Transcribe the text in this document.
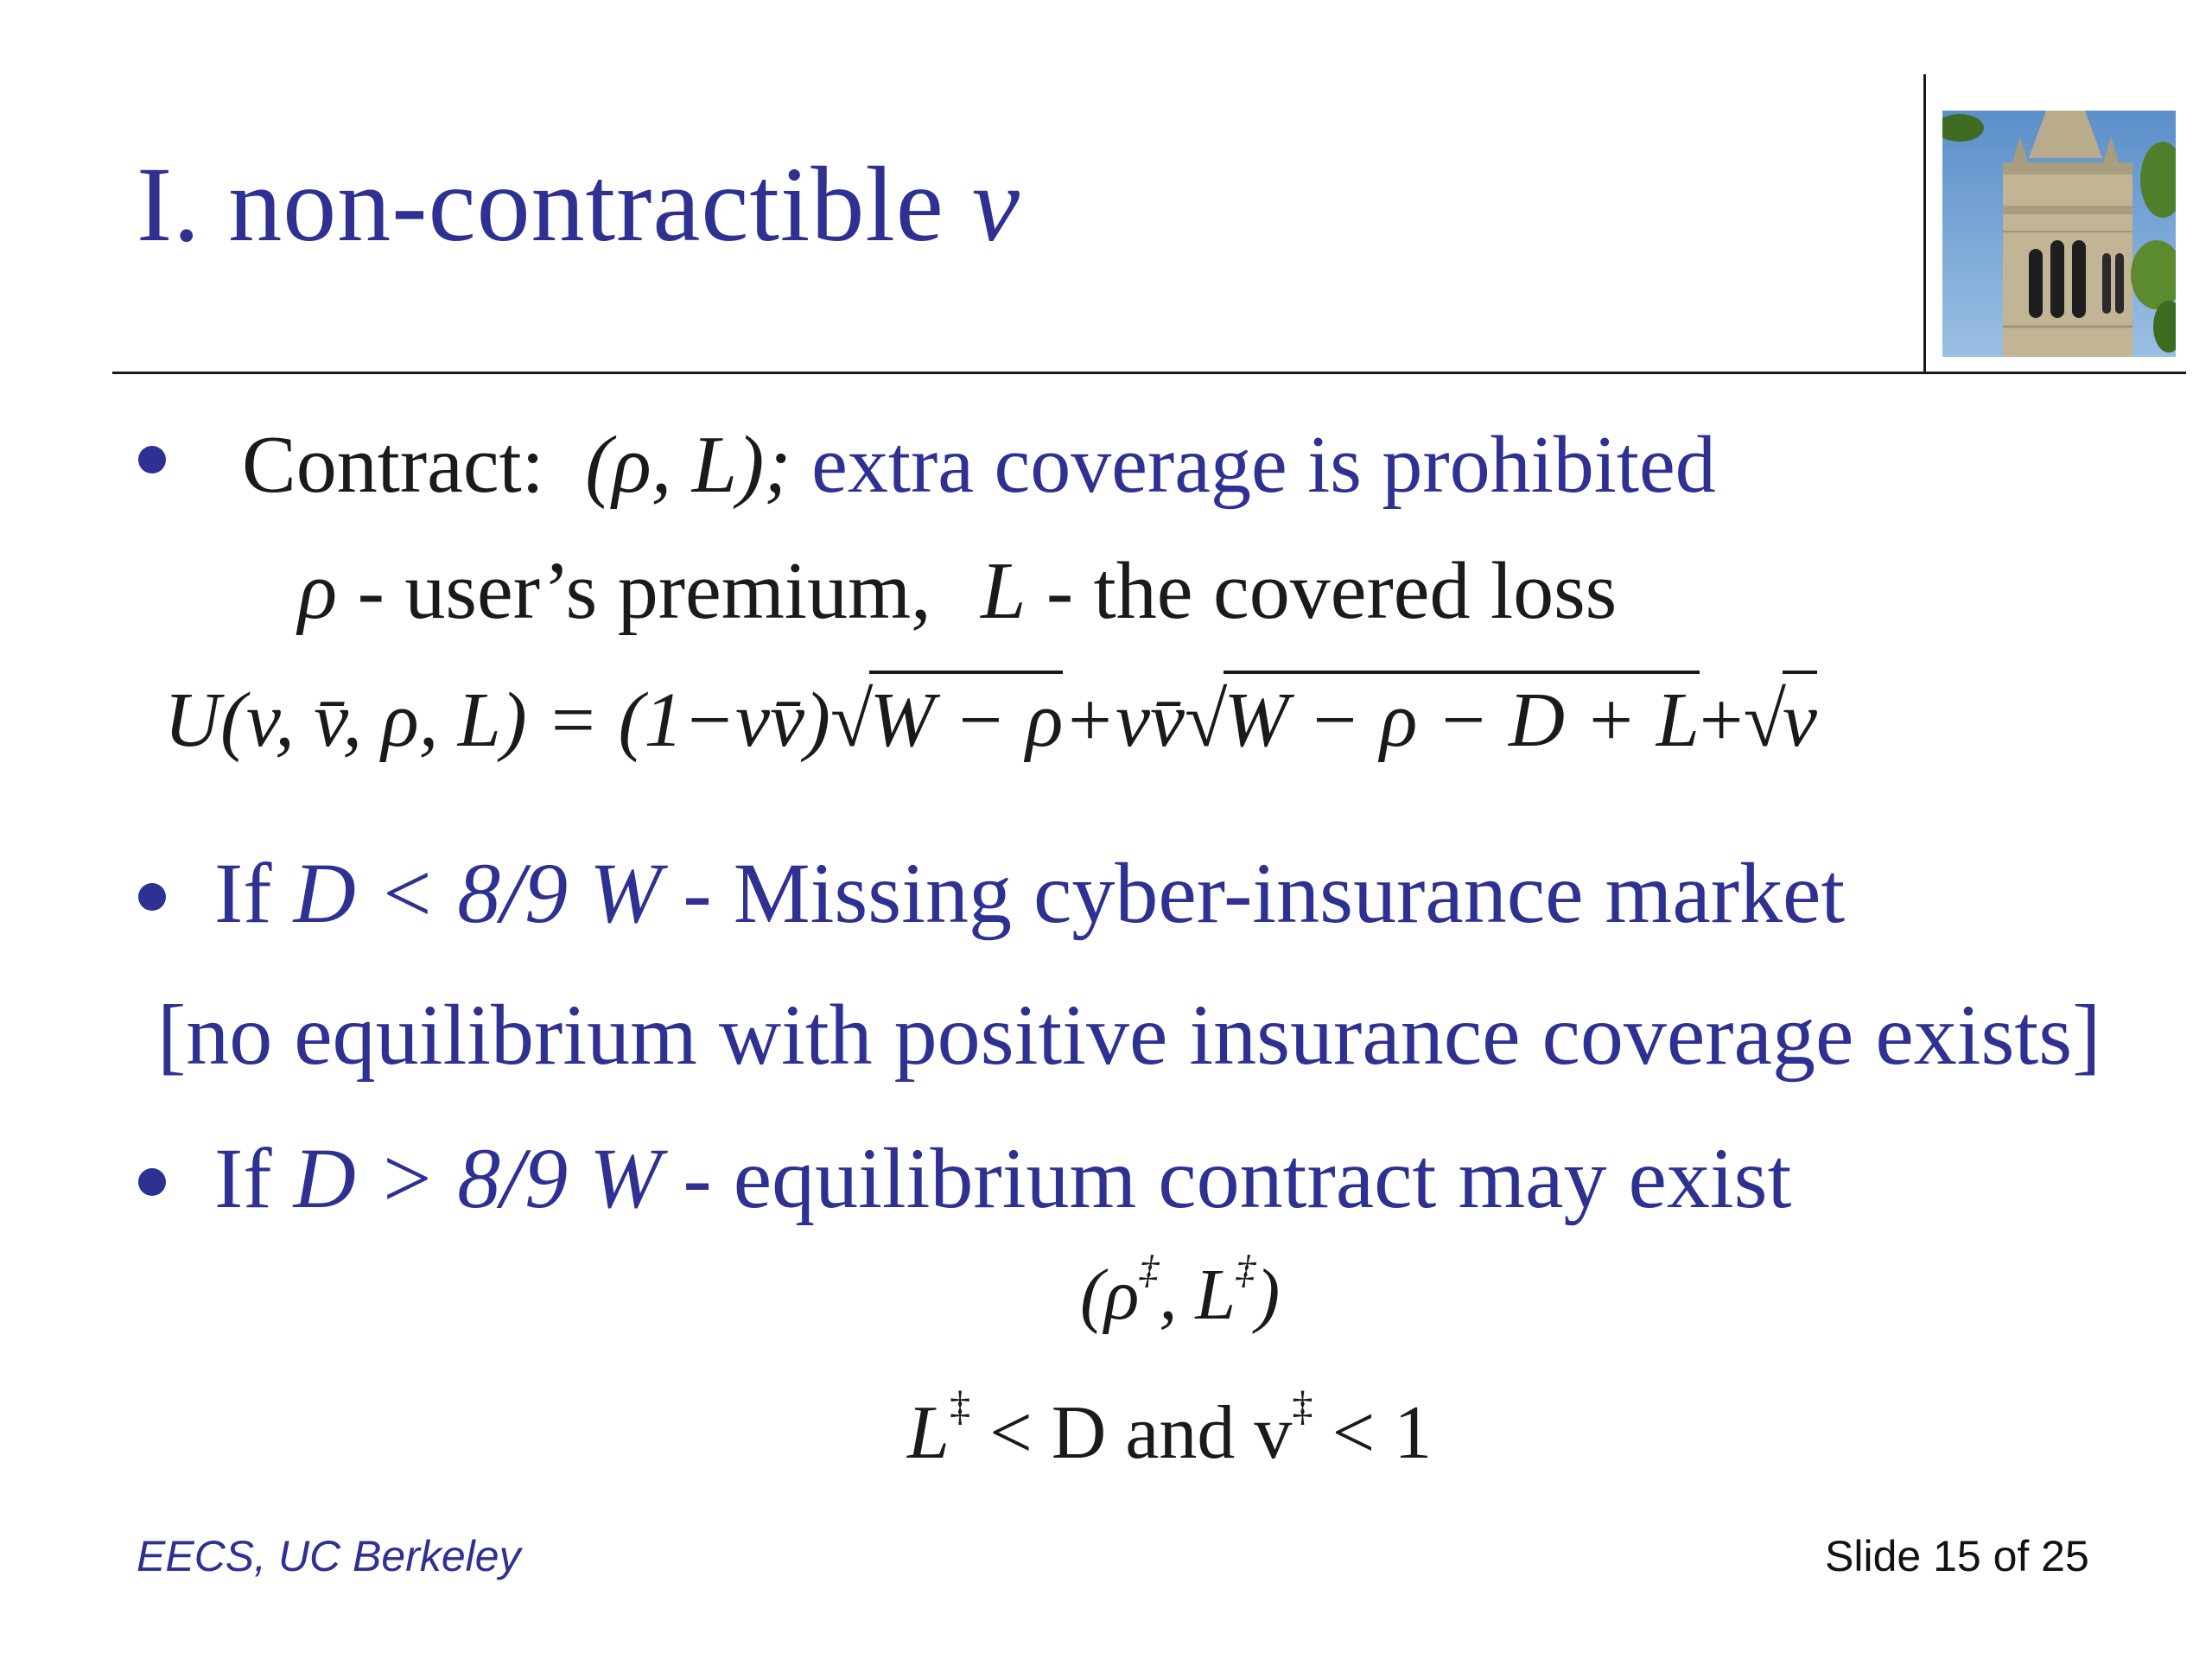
I. non-contractible v
Contract: (ρ, L); extra coverage is prohibited
ρ - user’s premium, L - the covered loss
U(v, v̄, ρ, L) = (1−vv̄)√W − ρ+vv̄√W − ρ − D + L+√v
If D < 8/9 W - Missing cyber-insurance market
[no equilibrium with positive insurance coverage exists]
If D > 8/9 W - equilibrium contract may exist
(ρ‡, L‡)
L‡ < D and v‡ < 1
EECS, UC Berkeley	Slide 15 of 25
